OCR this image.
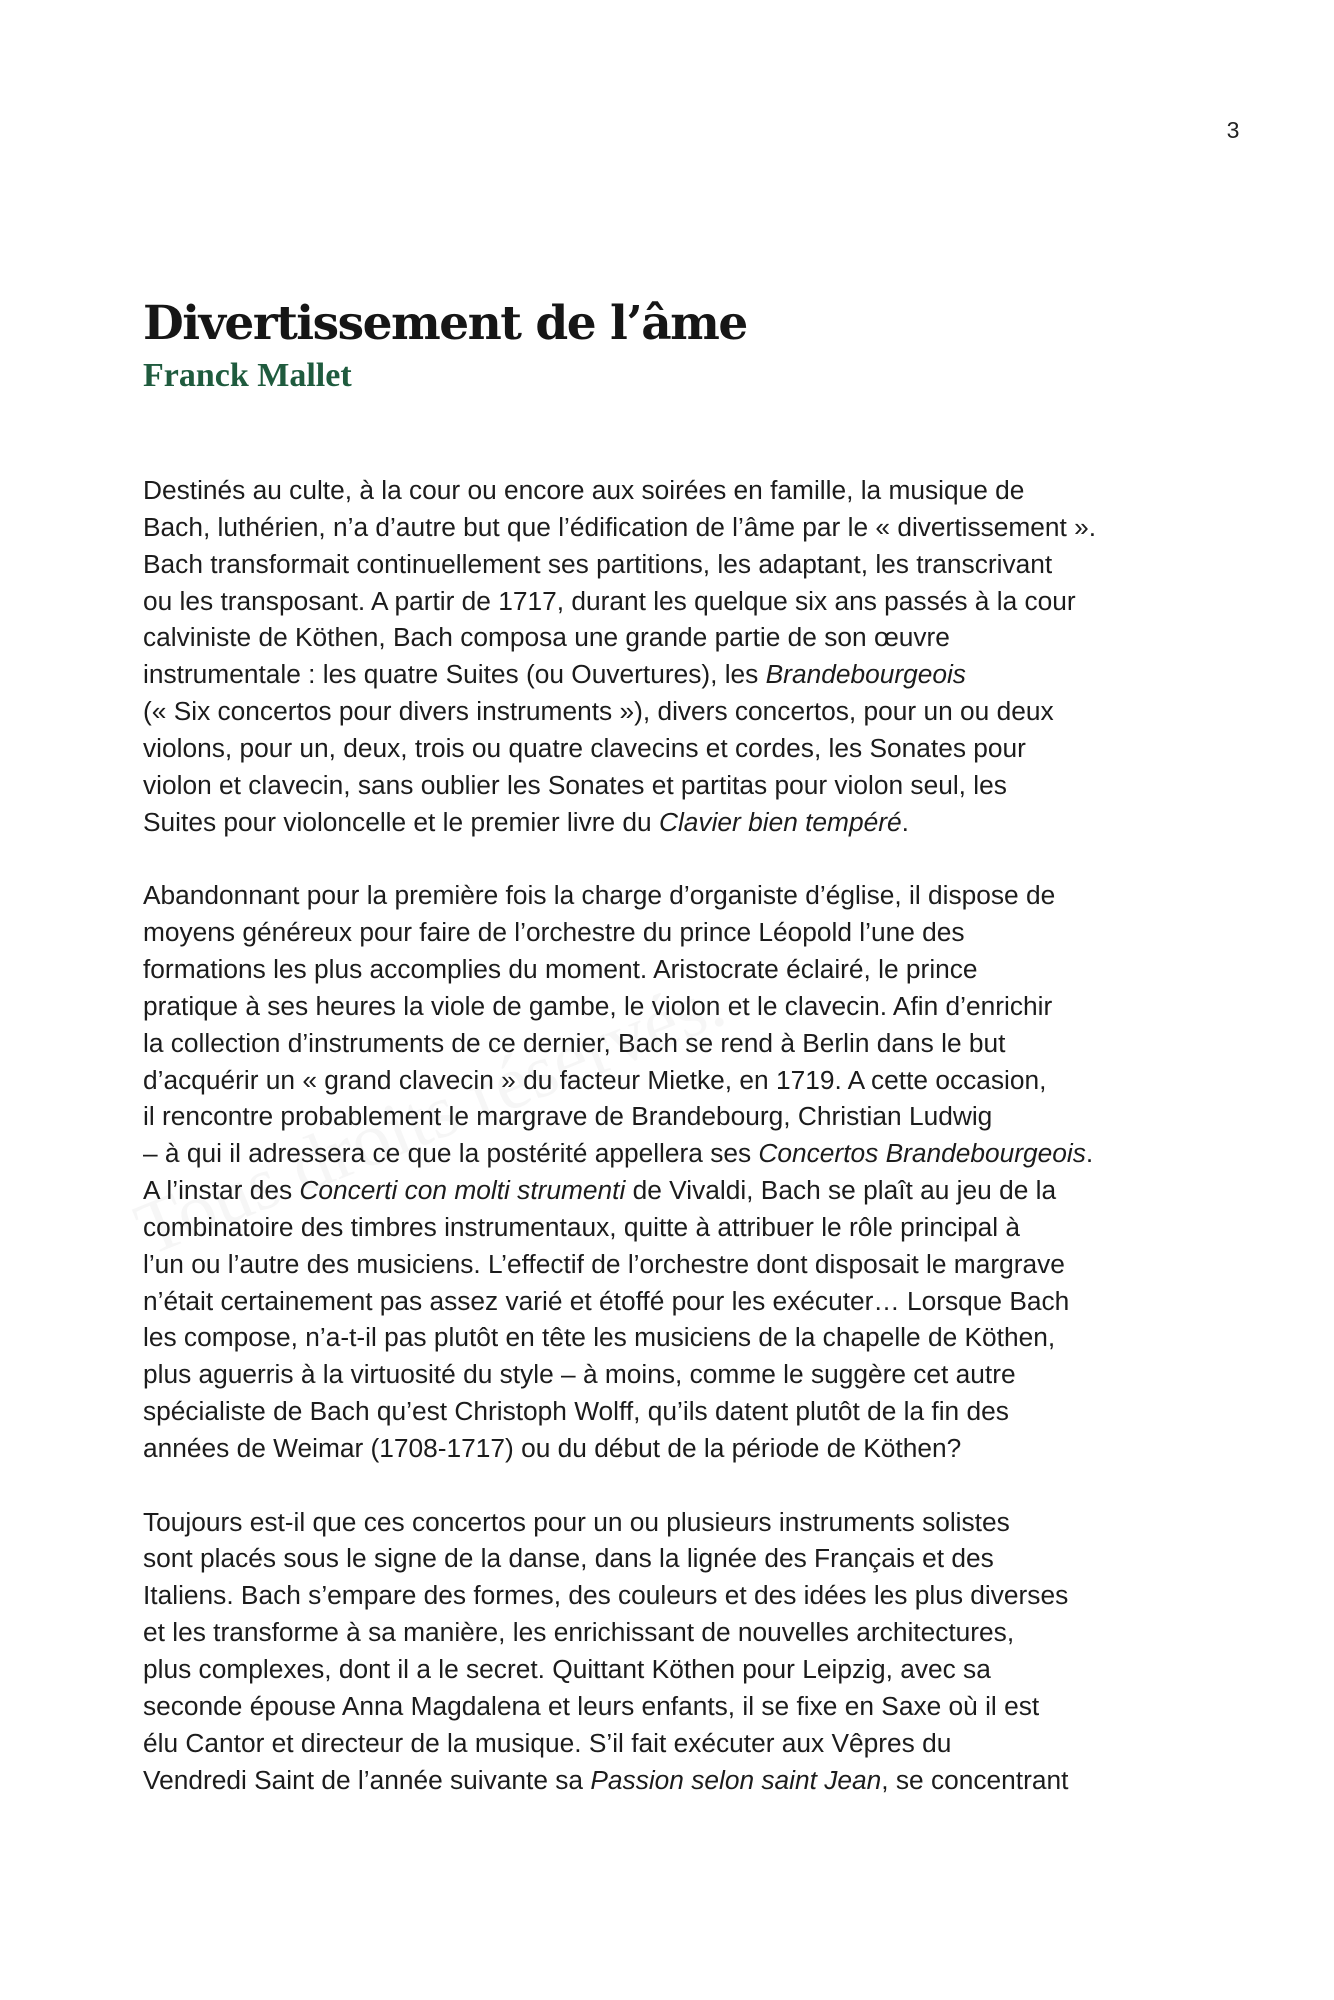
3
Divertissement de l’âme
Franck Mallet

Destinés au culte, à la cour ou encore aux soirées en famille, la musique de
Bach, luthérien, n’a d’autre but que l’édification de l’âme par le « divertissement ».
Bach transformait continuellement ses partitions, les adaptant, les transcrivant
ou les transposant. A partir de 1717, durant les quelque six ans passés à la cour
calviniste de Köthen, Bach composa une grande partie de son œuvre
instrumentale : les quatre Suites (ou Ouvertures), les Brandebourgeois
(« Six concertos pour divers instruments »), divers concertos, pour un ou deux
violons, pour un, deux, trois ou quatre clavecins et cordes, les Sonates pour
violon et clavecin, sans oublier les Sonates et partitas pour violon seul, les
Suites pour violoncelle et le premier livre du Clavier bien tempéré.

Abandonnant pour la première fois la charge d’organiste d’église, il dispose de
moyens généreux pour faire de l’orchestre du prince Léopold l’une des
formations les plus accomplies du moment. Aristocrate éclairé, le prince
pratique à ses heures la viole de gambe, le violon et le clavecin. Afin d’enrichir
la collection d’instruments de ce dernier, Bach se rend à Berlin dans le but
d’acquérir un « grand clavecin » du facteur Mietke, en 1719. A cette occasion,
il rencontre probablement le margrave de Brandebourg, Christian Ludwig
– à qui il adressera ce que la postérité appellera ses Concertos Brandebourgeois.
A l’instar des Concerti con molti strumenti de Vivaldi, Bach se plaît au jeu de la
combinatoire des timbres instrumentaux, quitte à attribuer le rôle principal à
l’un ou l’autre des musiciens. L’effectif de l’orchestre dont disposait le margrave
n’était certainement pas assez varié et étoffé pour les exécuter… Lorsque Bach
les compose, n’a-t-il pas plutôt en tête les musiciens de la chapelle de Köthen,
plus aguerris à la virtuosité du style – à moins, comme le suggère cet autre
spécialiste de Bach qu’est Christoph Wolff, qu’ils datent plutôt de la fin des
années de Weimar (1708-1717) ou du début de la période de Köthen?

Toujours est-il que ces concertos pour un ou plusieurs instruments solistes
sont placés sous le signe de la danse, dans la lignée des Français et des
Italiens. Bach s’empare des formes, des couleurs et des idées les plus diverses
et les transforme à sa manière, les enrichissant de nouvelles architectures,
plus complexes, dont il a le secret. Quittant Köthen pour Leipzig, avec sa
seconde épouse Anna Magdalena et leurs enfants, il se fixe en Saxe où il est
élu Cantor et directeur de la musique. S’il fait exécuter aux Vêpres du
Vendredi Saint de l’année suivante sa Passion selon saint Jean, se concentrant
